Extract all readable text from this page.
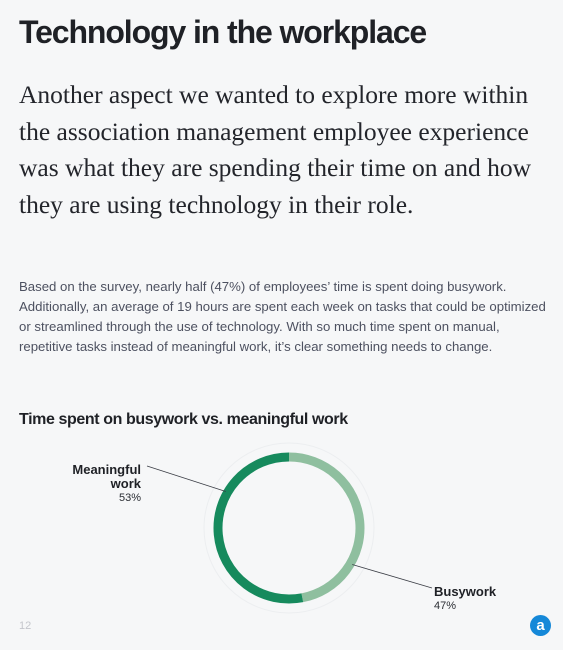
Technology in the workplace

Another aspect we wanted to explore more within the association management employee experience was what they are spending their time on and how they are using technology in their role.

Based on the survey, nearly half (47%) of employees’ time is spent doing busywork. Additionally, an average of 19 hours are spent each week on tasks that could be optimized or streamlined through the use of technology. With so much time spent on manual, repetitive tasks instead of meaningful work, it’s clear something needs to change.

Time spent on busywork vs. meaningful work
Meaningful work
53%
Busywork
47%
12	a
